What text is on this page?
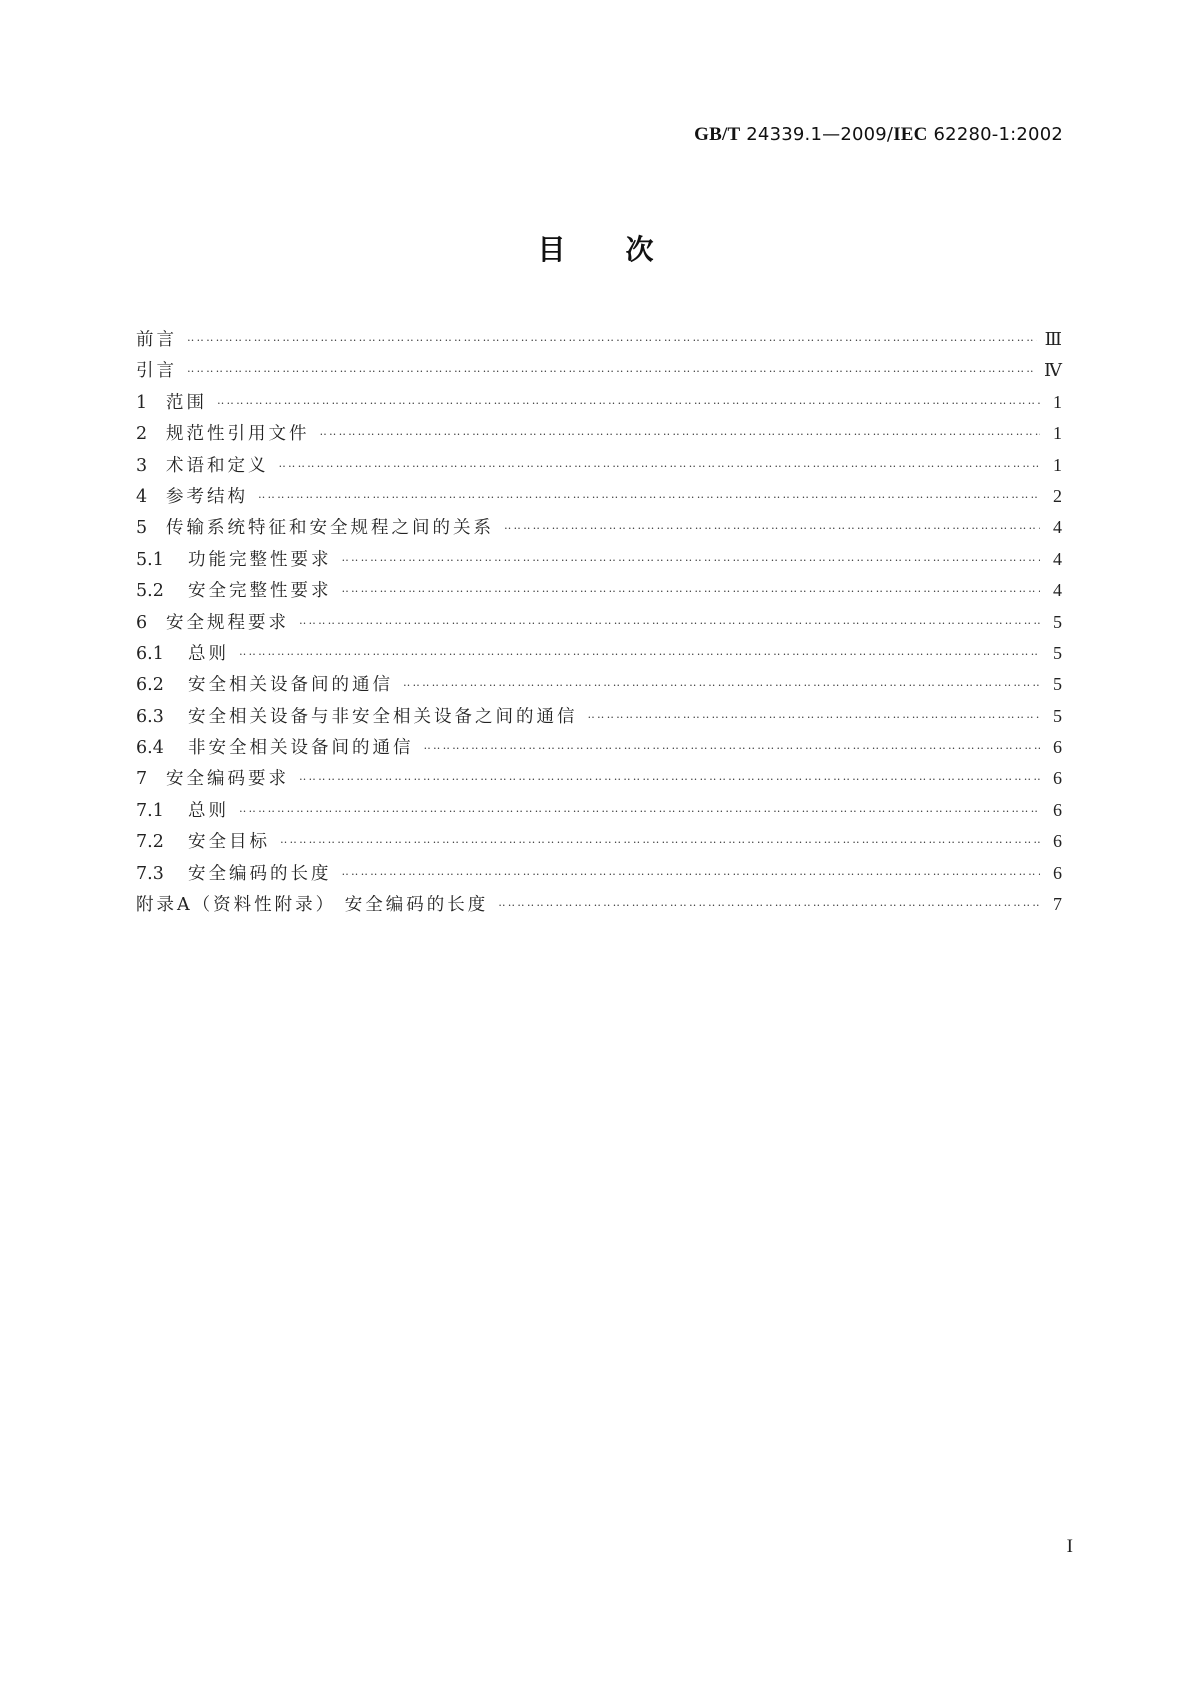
GB/T 24339.1—2009/IEC 62280-1:2002
目次
前言 ‥‥‥‥‥‥‥‥‥‥‥‥‥‥‥‥‥‥‥‥‥‥‥‥‥‥‥‥‥‥‥‥‥‥‥‥‥‥‥‥‥‥‥‥‥‥‥‥‥‥‥‥‥‥‥‥‥‥‥‥‥‥‥‥‥‥‥‥‥‥‥‥‥‥‥‥‥‥‥‥‥‥‥‥‥‥‥‥‥‥‥‥‥‥‥‥‥‥‥‥‥‥‥‥‥‥‥‥‥‥‥‥‥‥‥‥‥‥‥‥‥‥‥‥‥‥‥‥‥‥‥‥‥‥‥‥‥‥‥‥‥‥‥‥‥‥‥‥‥‥‥‥‥‥‥‥‥‥‥‥‥‥‥‥‥‥‥‥‥‥‥‥‥‥‥‥‥‥‥‥‥‥‥‥‥‥‥‥‥‥‥‥‥‥‥‥‥‥‥‥‥‥	Ⅲ
引言 ‥‥‥‥‥‥‥‥‥‥‥‥‥‥‥‥‥‥‥‥‥‥‥‥‥‥‥‥‥‥‥‥‥‥‥‥‥‥‥‥‥‥‥‥‥‥‥‥‥‥‥‥‥‥‥‥‥‥‥‥‥‥‥‥‥‥‥‥‥‥‥‥‥‥‥‥‥‥‥‥‥‥‥‥‥‥‥‥‥‥‥‥‥‥‥‥‥‥‥‥‥‥‥‥‥‥‥‥‥‥‥‥‥‥‥‥‥‥‥‥‥‥‥‥‥‥‥‥‥‥‥‥‥‥‥‥‥‥‥‥‥‥‥‥‥‥‥‥‥‥‥‥‥‥‥‥‥‥‥‥‥‥‥‥‥‥‥‥‥‥‥‥‥‥‥‥‥‥‥‥‥‥‥‥‥‥‥‥‥‥‥‥‥‥‥‥‥‥‥‥‥‥	Ⅳ
1	范围 ‥‥‥‥‥‥‥‥‥‥‥‥‥‥‥‥‥‥‥‥‥‥‥‥‥‥‥‥‥‥‥‥‥‥‥‥‥‥‥‥‥‥‥‥‥‥‥‥‥‥‥‥‥‥‥‥‥‥‥‥‥‥‥‥‥‥‥‥‥‥‥‥‥‥‥‥‥‥‥‥‥‥‥‥‥‥‥‥‥‥‥‥‥‥‥‥‥‥‥‥‥‥‥‥‥‥‥‥‥‥‥‥‥‥‥‥‥‥‥‥‥‥‥‥‥‥‥‥‥‥‥‥‥‥‥‥‥‥‥‥‥‥‥‥‥‥‥‥‥‥‥‥‥‥‥‥‥‥‥‥‥‥‥‥‥‥‥‥‥‥‥‥‥‥‥‥‥‥‥‥‥‥‥‥‥‥‥‥‥‥‥‥‥‥‥‥‥‥‥‥‥‥	1
2	规范性引用文件 ‥‥‥‥‥‥‥‥‥‥‥‥‥‥‥‥‥‥‥‥‥‥‥‥‥‥‥‥‥‥‥‥‥‥‥‥‥‥‥‥‥‥‥‥‥‥‥‥‥‥‥‥‥‥‥‥‥‥‥‥‥‥‥‥‥‥‥‥‥‥‥‥‥‥‥‥‥‥‥‥‥‥‥‥‥‥‥‥‥‥‥‥‥‥‥‥‥‥‥‥‥‥‥‥‥‥‥‥‥‥‥‥‥‥‥‥‥‥‥‥‥‥‥‥‥‥‥‥‥‥‥‥‥‥‥‥‥‥‥‥‥‥‥‥‥‥‥‥‥‥‥‥‥‥‥‥‥‥‥‥‥‥‥‥‥‥‥‥‥‥‥‥‥‥‥‥‥‥‥‥‥‥‥‥‥‥‥‥‥‥‥‥‥‥‥‥‥‥‥‥‥‥	1
3	术语和定义 ‥‥‥‥‥‥‥‥‥‥‥‥‥‥‥‥‥‥‥‥‥‥‥‥‥‥‥‥‥‥‥‥‥‥‥‥‥‥‥‥‥‥‥‥‥‥‥‥‥‥‥‥‥‥‥‥‥‥‥‥‥‥‥‥‥‥‥‥‥‥‥‥‥‥‥‥‥‥‥‥‥‥‥‥‥‥‥‥‥‥‥‥‥‥‥‥‥‥‥‥‥‥‥‥‥‥‥‥‥‥‥‥‥‥‥‥‥‥‥‥‥‥‥‥‥‥‥‥‥‥‥‥‥‥‥‥‥‥‥‥‥‥‥‥‥‥‥‥‥‥‥‥‥‥‥‥‥‥‥‥‥‥‥‥‥‥‥‥‥‥‥‥‥‥‥‥‥‥‥‥‥‥‥‥‥‥‥‥‥‥‥‥‥‥‥‥‥‥‥‥‥‥	1
4	参考结构 ‥‥‥‥‥‥‥‥‥‥‥‥‥‥‥‥‥‥‥‥‥‥‥‥‥‥‥‥‥‥‥‥‥‥‥‥‥‥‥‥‥‥‥‥‥‥‥‥‥‥‥‥‥‥‥‥‥‥‥‥‥‥‥‥‥‥‥‥‥‥‥‥‥‥‥‥‥‥‥‥‥‥‥‥‥‥‥‥‥‥‥‥‥‥‥‥‥‥‥‥‥‥‥‥‥‥‥‥‥‥‥‥‥‥‥‥‥‥‥‥‥‥‥‥‥‥‥‥‥‥‥‥‥‥‥‥‥‥‥‥‥‥‥‥‥‥‥‥‥‥‥‥‥‥‥‥‥‥‥‥‥‥‥‥‥‥‥‥‥‥‥‥‥‥‥‥‥‥‥‥‥‥‥‥‥‥‥‥‥‥‥‥‥‥‥‥‥‥‥‥‥‥	2
5	传输系统特征和安全规程之间的关系 ‥‥‥‥‥‥‥‥‥‥‥‥‥‥‥‥‥‥‥‥‥‥‥‥‥‥‥‥‥‥‥‥‥‥‥‥‥‥‥‥‥‥‥‥‥‥‥‥‥‥‥‥‥‥‥‥‥‥‥‥‥‥‥‥‥‥‥‥‥‥‥‥‥‥‥‥‥‥‥‥‥‥‥‥‥‥‥‥‥‥‥‥‥‥‥‥‥‥‥‥‥‥‥‥‥‥‥‥‥‥‥‥‥‥‥‥‥‥‥‥‥‥‥‥‥‥‥‥‥‥‥‥‥‥‥‥‥‥‥‥‥‥‥‥‥‥‥‥‥‥‥‥‥‥‥‥‥‥‥‥‥‥‥‥‥‥‥‥‥‥‥‥‥‥‥‥‥‥‥‥‥‥‥‥‥‥‥‥‥‥‥‥‥‥‥‥‥‥‥‥‥‥	4
5.1	功能完整性要求 ‥‥‥‥‥‥‥‥‥‥‥‥‥‥‥‥‥‥‥‥‥‥‥‥‥‥‥‥‥‥‥‥‥‥‥‥‥‥‥‥‥‥‥‥‥‥‥‥‥‥‥‥‥‥‥‥‥‥‥‥‥‥‥‥‥‥‥‥‥‥‥‥‥‥‥‥‥‥‥‥‥‥‥‥‥‥‥‥‥‥‥‥‥‥‥‥‥‥‥‥‥‥‥‥‥‥‥‥‥‥‥‥‥‥‥‥‥‥‥‥‥‥‥‥‥‥‥‥‥‥‥‥‥‥‥‥‥‥‥‥‥‥‥‥‥‥‥‥‥‥‥‥‥‥‥‥‥‥‥‥‥‥‥‥‥‥‥‥‥‥‥‥‥‥‥‥‥‥‥‥‥‥‥‥‥‥‥‥‥‥‥‥‥‥‥‥‥‥‥‥‥‥	4
5.2	安全完整性要求 ‥‥‥‥‥‥‥‥‥‥‥‥‥‥‥‥‥‥‥‥‥‥‥‥‥‥‥‥‥‥‥‥‥‥‥‥‥‥‥‥‥‥‥‥‥‥‥‥‥‥‥‥‥‥‥‥‥‥‥‥‥‥‥‥‥‥‥‥‥‥‥‥‥‥‥‥‥‥‥‥‥‥‥‥‥‥‥‥‥‥‥‥‥‥‥‥‥‥‥‥‥‥‥‥‥‥‥‥‥‥‥‥‥‥‥‥‥‥‥‥‥‥‥‥‥‥‥‥‥‥‥‥‥‥‥‥‥‥‥‥‥‥‥‥‥‥‥‥‥‥‥‥‥‥‥‥‥‥‥‥‥‥‥‥‥‥‥‥‥‥‥‥‥‥‥‥‥‥‥‥‥‥‥‥‥‥‥‥‥‥‥‥‥‥‥‥‥‥‥‥‥‥	4
6	安全规程要求 ‥‥‥‥‥‥‥‥‥‥‥‥‥‥‥‥‥‥‥‥‥‥‥‥‥‥‥‥‥‥‥‥‥‥‥‥‥‥‥‥‥‥‥‥‥‥‥‥‥‥‥‥‥‥‥‥‥‥‥‥‥‥‥‥‥‥‥‥‥‥‥‥‥‥‥‥‥‥‥‥‥‥‥‥‥‥‥‥‥‥‥‥‥‥‥‥‥‥‥‥‥‥‥‥‥‥‥‥‥‥‥‥‥‥‥‥‥‥‥‥‥‥‥‥‥‥‥‥‥‥‥‥‥‥‥‥‥‥‥‥‥‥‥‥‥‥‥‥‥‥‥‥‥‥‥‥‥‥‥‥‥‥‥‥‥‥‥‥‥‥‥‥‥‥‥‥‥‥‥‥‥‥‥‥‥‥‥‥‥‥‥‥‥‥‥‥‥‥‥‥‥‥	5
6.1	总则 ‥‥‥‥‥‥‥‥‥‥‥‥‥‥‥‥‥‥‥‥‥‥‥‥‥‥‥‥‥‥‥‥‥‥‥‥‥‥‥‥‥‥‥‥‥‥‥‥‥‥‥‥‥‥‥‥‥‥‥‥‥‥‥‥‥‥‥‥‥‥‥‥‥‥‥‥‥‥‥‥‥‥‥‥‥‥‥‥‥‥‥‥‥‥‥‥‥‥‥‥‥‥‥‥‥‥‥‥‥‥‥‥‥‥‥‥‥‥‥‥‥‥‥‥‥‥‥‥‥‥‥‥‥‥‥‥‥‥‥‥‥‥‥‥‥‥‥‥‥‥‥‥‥‥‥‥‥‥‥‥‥‥‥‥‥‥‥‥‥‥‥‥‥‥‥‥‥‥‥‥‥‥‥‥‥‥‥‥‥‥‥‥‥‥‥‥‥‥‥‥‥‥	5
6.2	安全相关设备间的通信 ‥‥‥‥‥‥‥‥‥‥‥‥‥‥‥‥‥‥‥‥‥‥‥‥‥‥‥‥‥‥‥‥‥‥‥‥‥‥‥‥‥‥‥‥‥‥‥‥‥‥‥‥‥‥‥‥‥‥‥‥‥‥‥‥‥‥‥‥‥‥‥‥‥‥‥‥‥‥‥‥‥‥‥‥‥‥‥‥‥‥‥‥‥‥‥‥‥‥‥‥‥‥‥‥‥‥‥‥‥‥‥‥‥‥‥‥‥‥‥‥‥‥‥‥‥‥‥‥‥‥‥‥‥‥‥‥‥‥‥‥‥‥‥‥‥‥‥‥‥‥‥‥‥‥‥‥‥‥‥‥‥‥‥‥‥‥‥‥‥‥‥‥‥‥‥‥‥‥‥‥‥‥‥‥‥‥‥‥‥‥‥‥‥‥‥‥‥‥‥‥‥‥	5
6.3	安全相关设备与非安全相关设备之间的通信 ‥‥‥‥‥‥‥‥‥‥‥‥‥‥‥‥‥‥‥‥‥‥‥‥‥‥‥‥‥‥‥‥‥‥‥‥‥‥‥‥‥‥‥‥‥‥‥‥‥‥‥‥‥‥‥‥‥‥‥‥‥‥‥‥‥‥‥‥‥‥‥‥‥‥‥‥‥‥‥‥‥‥‥‥‥‥‥‥‥‥‥‥‥‥‥‥‥‥‥‥‥‥‥‥‥‥‥‥‥‥‥‥‥‥‥‥‥‥‥‥‥‥‥‥‥‥‥‥‥‥‥‥‥‥‥‥‥‥‥‥‥‥‥‥‥‥‥‥‥‥‥‥‥‥‥‥‥‥‥‥‥‥‥‥‥‥‥‥‥‥‥‥‥‥‥‥‥‥‥‥‥‥‥‥‥‥‥‥‥‥‥‥‥‥‥‥‥‥‥‥‥‥	5
6.4	非安全相关设备间的通信 ‥‥‥‥‥‥‥‥‥‥‥‥‥‥‥‥‥‥‥‥‥‥‥‥‥‥‥‥‥‥‥‥‥‥‥‥‥‥‥‥‥‥‥‥‥‥‥‥‥‥‥‥‥‥‥‥‥‥‥‥‥‥‥‥‥‥‥‥‥‥‥‥‥‥‥‥‥‥‥‥‥‥‥‥‥‥‥‥‥‥‥‥‥‥‥‥‥‥‥‥‥‥‥‥‥‥‥‥‥‥‥‥‥‥‥‥‥‥‥‥‥‥‥‥‥‥‥‥‥‥‥‥‥‥‥‥‥‥‥‥‥‥‥‥‥‥‥‥‥‥‥‥‥‥‥‥‥‥‥‥‥‥‥‥‥‥‥‥‥‥‥‥‥‥‥‥‥‥‥‥‥‥‥‥‥‥‥‥‥‥‥‥‥‥‥‥‥‥‥‥‥‥	6
7	安全编码要求 ‥‥‥‥‥‥‥‥‥‥‥‥‥‥‥‥‥‥‥‥‥‥‥‥‥‥‥‥‥‥‥‥‥‥‥‥‥‥‥‥‥‥‥‥‥‥‥‥‥‥‥‥‥‥‥‥‥‥‥‥‥‥‥‥‥‥‥‥‥‥‥‥‥‥‥‥‥‥‥‥‥‥‥‥‥‥‥‥‥‥‥‥‥‥‥‥‥‥‥‥‥‥‥‥‥‥‥‥‥‥‥‥‥‥‥‥‥‥‥‥‥‥‥‥‥‥‥‥‥‥‥‥‥‥‥‥‥‥‥‥‥‥‥‥‥‥‥‥‥‥‥‥‥‥‥‥‥‥‥‥‥‥‥‥‥‥‥‥‥‥‥‥‥‥‥‥‥‥‥‥‥‥‥‥‥‥‥‥‥‥‥‥‥‥‥‥‥‥‥‥‥‥	6
7.1	总则 ‥‥‥‥‥‥‥‥‥‥‥‥‥‥‥‥‥‥‥‥‥‥‥‥‥‥‥‥‥‥‥‥‥‥‥‥‥‥‥‥‥‥‥‥‥‥‥‥‥‥‥‥‥‥‥‥‥‥‥‥‥‥‥‥‥‥‥‥‥‥‥‥‥‥‥‥‥‥‥‥‥‥‥‥‥‥‥‥‥‥‥‥‥‥‥‥‥‥‥‥‥‥‥‥‥‥‥‥‥‥‥‥‥‥‥‥‥‥‥‥‥‥‥‥‥‥‥‥‥‥‥‥‥‥‥‥‥‥‥‥‥‥‥‥‥‥‥‥‥‥‥‥‥‥‥‥‥‥‥‥‥‥‥‥‥‥‥‥‥‥‥‥‥‥‥‥‥‥‥‥‥‥‥‥‥‥‥‥‥‥‥‥‥‥‥‥‥‥‥‥‥‥	6
7.2	安全目标 ‥‥‥‥‥‥‥‥‥‥‥‥‥‥‥‥‥‥‥‥‥‥‥‥‥‥‥‥‥‥‥‥‥‥‥‥‥‥‥‥‥‥‥‥‥‥‥‥‥‥‥‥‥‥‥‥‥‥‥‥‥‥‥‥‥‥‥‥‥‥‥‥‥‥‥‥‥‥‥‥‥‥‥‥‥‥‥‥‥‥‥‥‥‥‥‥‥‥‥‥‥‥‥‥‥‥‥‥‥‥‥‥‥‥‥‥‥‥‥‥‥‥‥‥‥‥‥‥‥‥‥‥‥‥‥‥‥‥‥‥‥‥‥‥‥‥‥‥‥‥‥‥‥‥‥‥‥‥‥‥‥‥‥‥‥‥‥‥‥‥‥‥‥‥‥‥‥‥‥‥‥‥‥‥‥‥‥‥‥‥‥‥‥‥‥‥‥‥‥‥‥‥	6
7.3	安全编码的长度 ‥‥‥‥‥‥‥‥‥‥‥‥‥‥‥‥‥‥‥‥‥‥‥‥‥‥‥‥‥‥‥‥‥‥‥‥‥‥‥‥‥‥‥‥‥‥‥‥‥‥‥‥‥‥‥‥‥‥‥‥‥‥‥‥‥‥‥‥‥‥‥‥‥‥‥‥‥‥‥‥‥‥‥‥‥‥‥‥‥‥‥‥‥‥‥‥‥‥‥‥‥‥‥‥‥‥‥‥‥‥‥‥‥‥‥‥‥‥‥‥‥‥‥‥‥‥‥‥‥‥‥‥‥‥‥‥‥‥‥‥‥‥‥‥‥‥‥‥‥‥‥‥‥‥‥‥‥‥‥‥‥‥‥‥‥‥‥‥‥‥‥‥‥‥‥‥‥‥‥‥‥‥‥‥‥‥‥‥‥‥‥‥‥‥‥‥‥‥‥‥‥‥	6
附录A（资料性附录） 安全编码的长度 ‥‥‥‥‥‥‥‥‥‥‥‥‥‥‥‥‥‥‥‥‥‥‥‥‥‥‥‥‥‥‥‥‥‥‥‥‥‥‥‥‥‥‥‥‥‥‥‥‥‥‥‥‥‥‥‥‥‥‥‥‥‥‥‥‥‥‥‥‥‥‥‥‥‥‥‥‥‥‥‥‥‥‥‥‥‥‥‥‥‥‥‥‥‥‥‥‥‥‥‥‥‥‥‥‥‥‥‥‥‥‥‥‥‥‥‥‥‥‥‥‥‥‥‥‥‥‥‥‥‥‥‥‥‥‥‥‥‥‥‥‥‥‥‥‥‥‥‥‥‥‥‥‥‥‥‥‥‥‥‥‥‥‥‥‥‥‥‥‥‥‥‥‥‥‥‥‥‥‥‥‥‥‥‥‥‥‥‥‥‥‥‥‥‥‥‥‥‥‥‥‥‥	7
I
